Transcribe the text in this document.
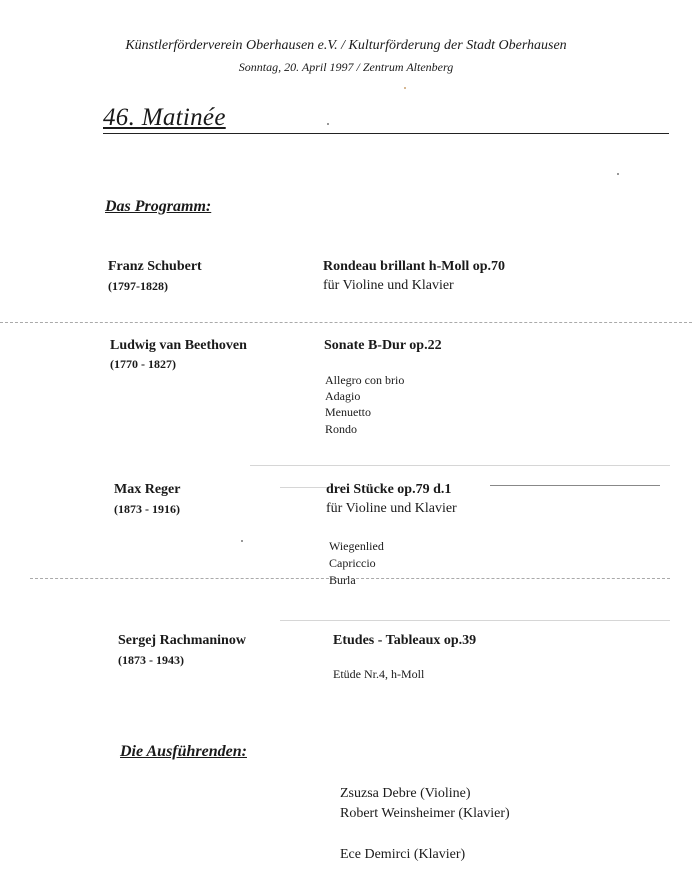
Künstlerförderverein Oberhausen e.V. / Kulturförderung der Stadt Oberhausen
Sonntag, 20. April 1997 / Zentrum Altenberg
46. Matinée
Das Programm:
Franz Schubert
(1797-1828)
Rondeau brillant h-Moll op.70
für Violine und Klavier
Ludwig van Beethoven
(1770 - 1827)
Sonate B-Dur op.22
Allegro con brio
Adagio
Menuetto
Rondo
Max Reger
(1873 - 1916)
drei Stücke op.79 d.1
für Violine und Klavier
Wiegenlied
Capriccio
Burla
Sergej Rachmaninow
(1873 - 1943)
Etudes - Tableaux op.39
Etüde Nr.4, h-Moll
Die Ausführenden:
Zsuzsa Debre (Violine)
Robert Weinsheimer (Klavier)
Ece Demirci (Klavier)
